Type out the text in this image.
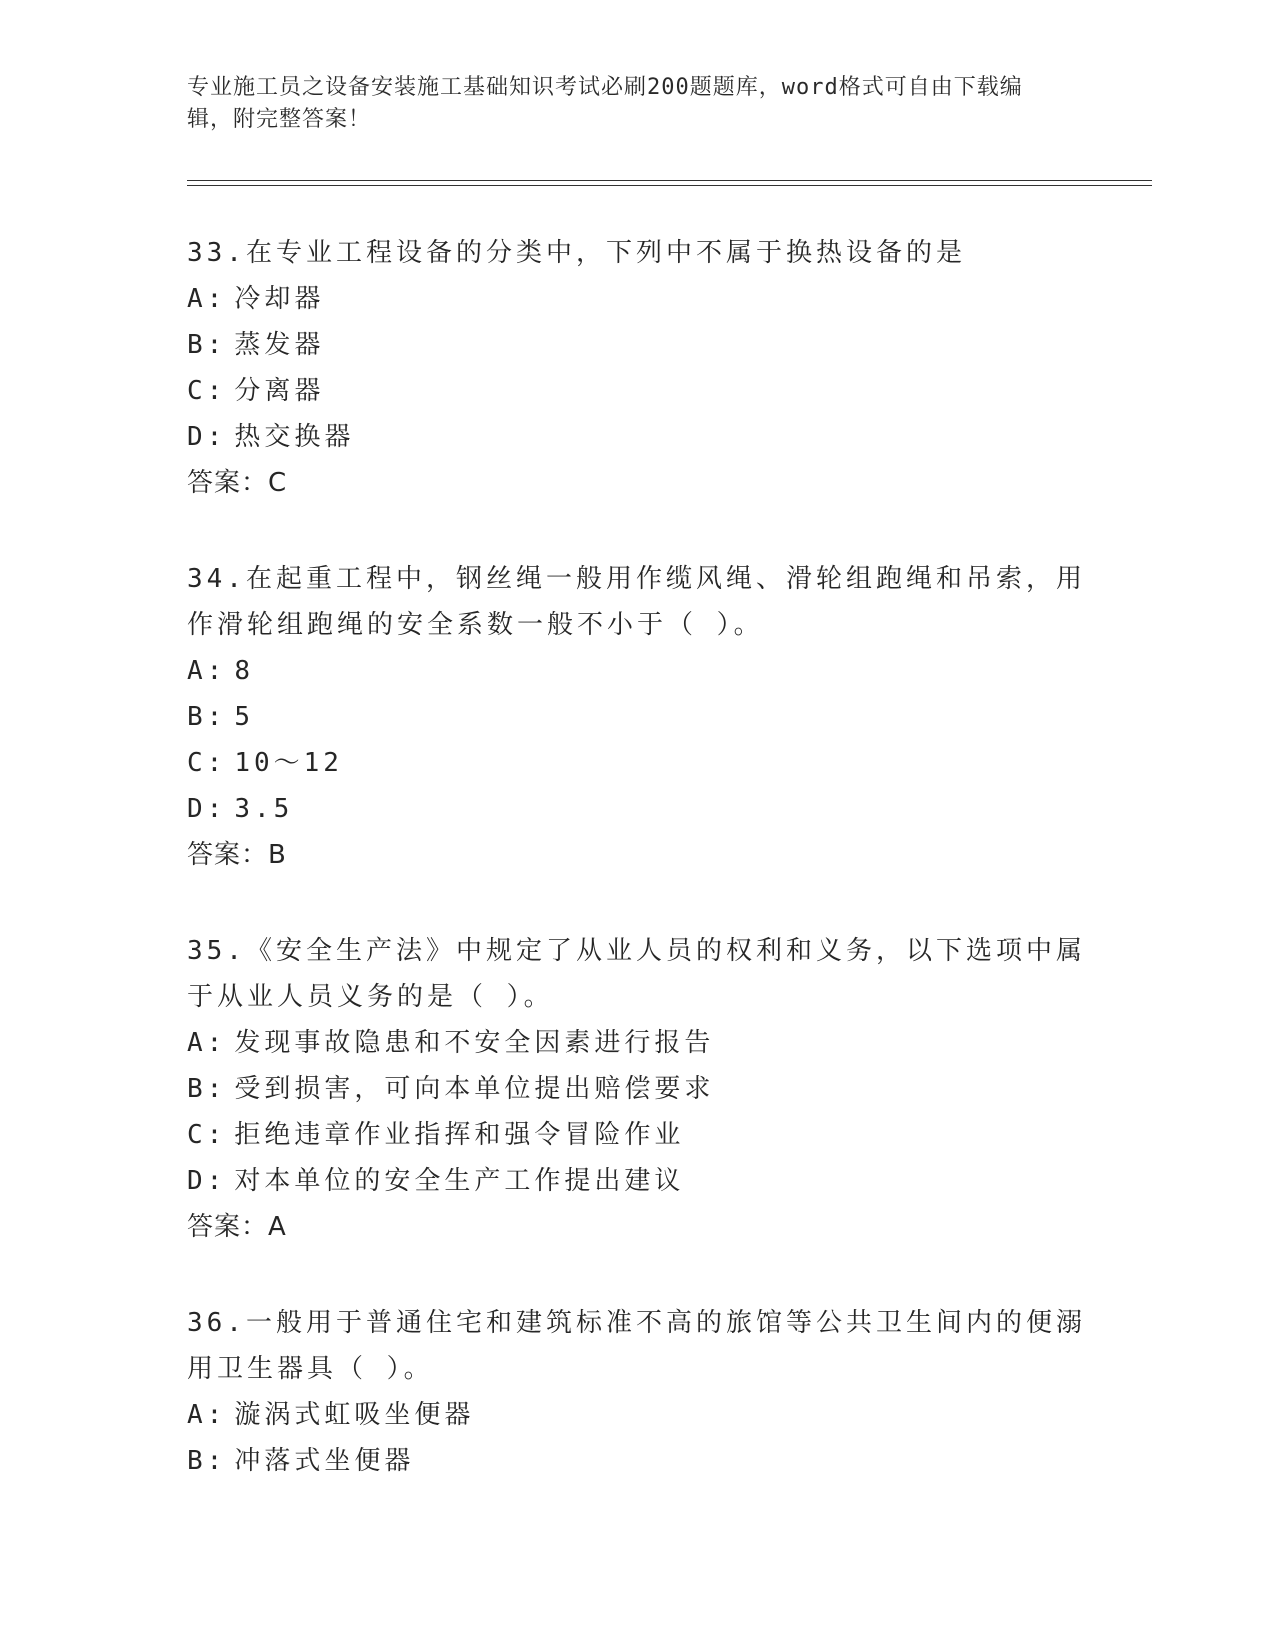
专业施工员之设备安装施工基础知识考试必刷200题题库，word格式可自由下载编辑，附完整答案！
33.在专业工程设备的分类中，下列中不属于换热设备的是
A: 冷却器
B: 蒸发器
C: 分离器
D: 热交换器
答案：C
34.在起重工程中，钢丝绳一般用作缆风绳、滑轮组跑绳和吊索，用作滑轮组跑绳的安全系数一般不小于（ ）。
A: 8
B: 5
C: 10～12
D: 3.5
答案：B
35.《安全生产法》中规定了从业人员的权利和义务，以下选项中属于从业人员义务的是（ ）。
A: 发现事故隐患和不安全因素进行报告
B: 受到损害，可向本单位提出赔偿要求
C: 拒绝违章作业指挥和强令冒险作业
D: 对本单位的安全生产工作提出建议
答案：A
36.一般用于普通住宅和建筑标准不高的旅馆等公共卫生间内的便溺用卫生器具（ ）。
A: 漩涡式虹吸坐便器
B: 冲落式坐便器
